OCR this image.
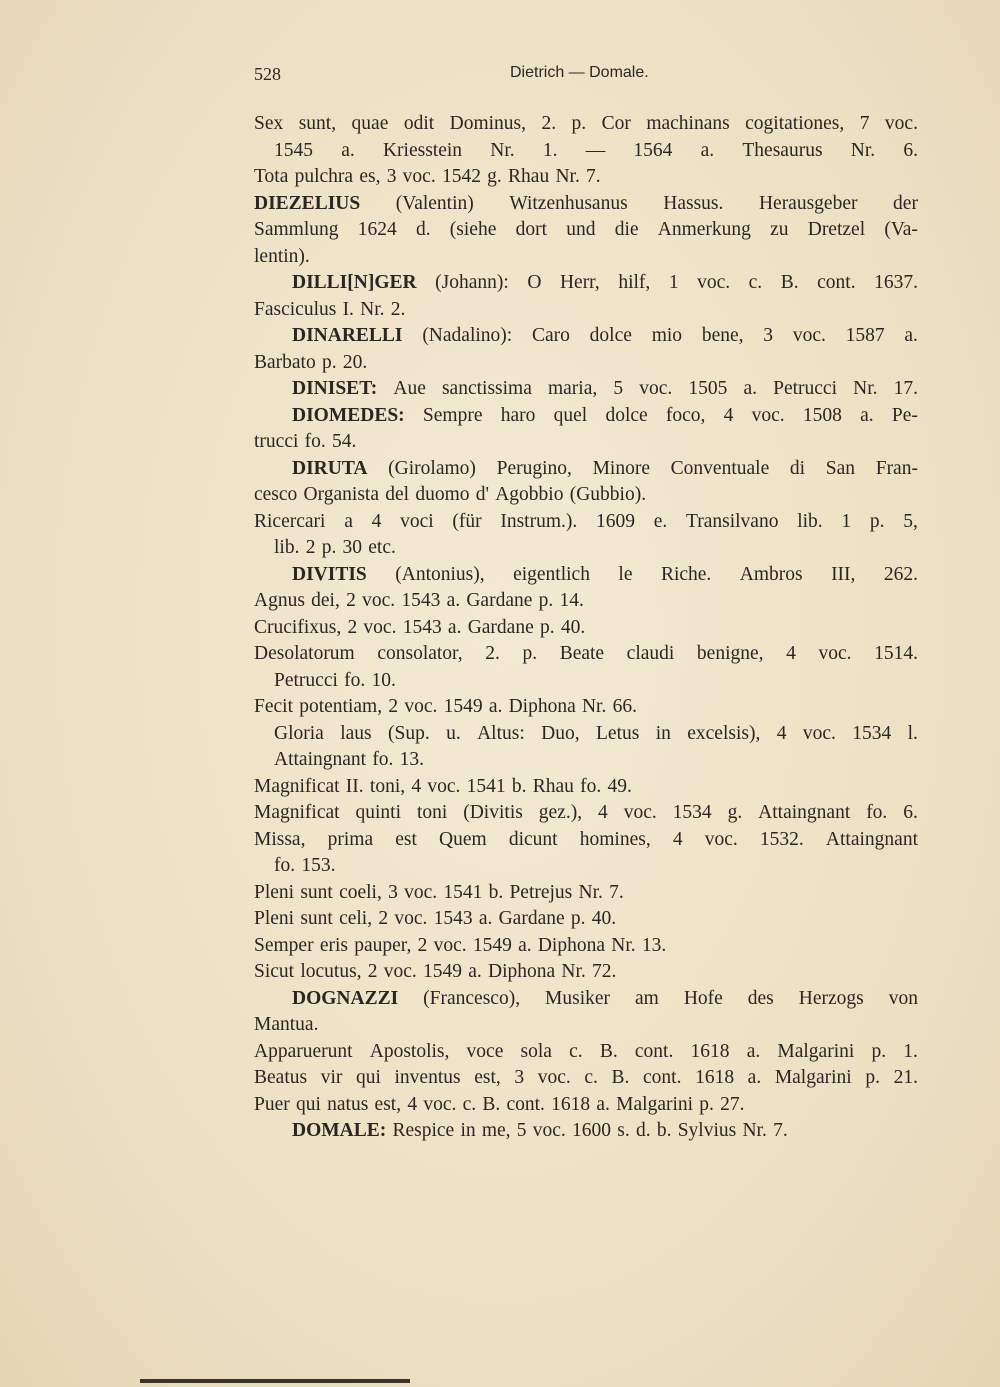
528	Dietrich — Domale.
Sex sunt, quae odit Dominus, 2. p. Cor machinans cogitationes, 7 voc.
1545 a. Kriesstein Nr. 1. — 1564 a. Thesaurus Nr. 6.
Tota pulchra es, 3 voc. 1542 g. Rhau Nr. 7.
DIEZELIUS (Valentin) Witzenhusanus Hassus. Herausgeber der
Sammlung 1624 d. (siehe dort und die Anmerkung zu Dretzel (Va-
lentin).
DILLI[N]GER (Johann): O Herr, hilf, 1 voc. c. B. cont. 1637.
Fasciculus I. Nr. 2.
DINARELLI (Nadalino): Caro dolce mio bene, 3 voc. 1587 a.
Barbato p. 20.
DINISET: Aue sanctissima maria, 5 voc. 1505 a. Petrucci Nr. 17.
DIOMEDES: Sempre haro quel dolce foco, 4 voc. 1508 a. Pe-
trucci fo. 54.
DIRUTA (Girolamo) Perugino, Minore Conventuale di San Fran-
cesco Organista del duomo d' Agobbio (Gubbio).
Ricercari a 4 voci (für Instrum.). 1609 e. Transilvano lib. 1 p. 5,
lib. 2 p. 30 etc.
DIVITIS (Antonius), eigentlich le Riche. Ambros III, 262.
Agnus dei, 2 voc. 1543 a. Gardane p. 14.
Crucifixus, 2 voc. 1543 a. Gardane p. 40.
Desolatorum consolator, 2. p. Beate claudi benigne, 4 voc. 1514.
Petrucci fo. 10.
Fecit potentiam, 2 voc. 1549 a. Diphona Nr. 66.
Gloria laus (Sup. u. Altus: Duo, Letus in excelsis), 4 voc. 1534 l.
Attaingnant fo. 13.
Magnificat II. toni, 4 voc. 1541 b. Rhau fo. 49.
Magnificat quinti toni (Divitis gez.), 4 voc. 1534 g. Attaingnant fo. 6.
Missa, prima est Quem dicunt homines, 4 voc. 1532. Attaingnant
fo. 153.
Pleni sunt coeli, 3 voc. 1541 b. Petrejus Nr. 7.
Pleni sunt celi, 2 voc. 1543 a. Gardane p. 40.
Semper eris pauper, 2 voc. 1549 a. Diphona Nr. 13.
Sicut locutus, 2 voc. 1549 a. Diphona Nr. 72.
DOGNAZZI (Francesco), Musiker am Hofe des Herzogs von
Mantua.
Apparuerunt Apostolis, voce sola c. B. cont. 1618 a. Malgarini p. 1.
Beatus vir qui inventus est, 3 voc. c. B. cont. 1618 a. Malgarini p. 21.
Puer qui natus est, 4 voc. c. B. cont. 1618 a. Malgarini p. 27.
DOMALE: Respice in me, 5 voc. 1600 s. d. b. Sylvius Nr. 7.
